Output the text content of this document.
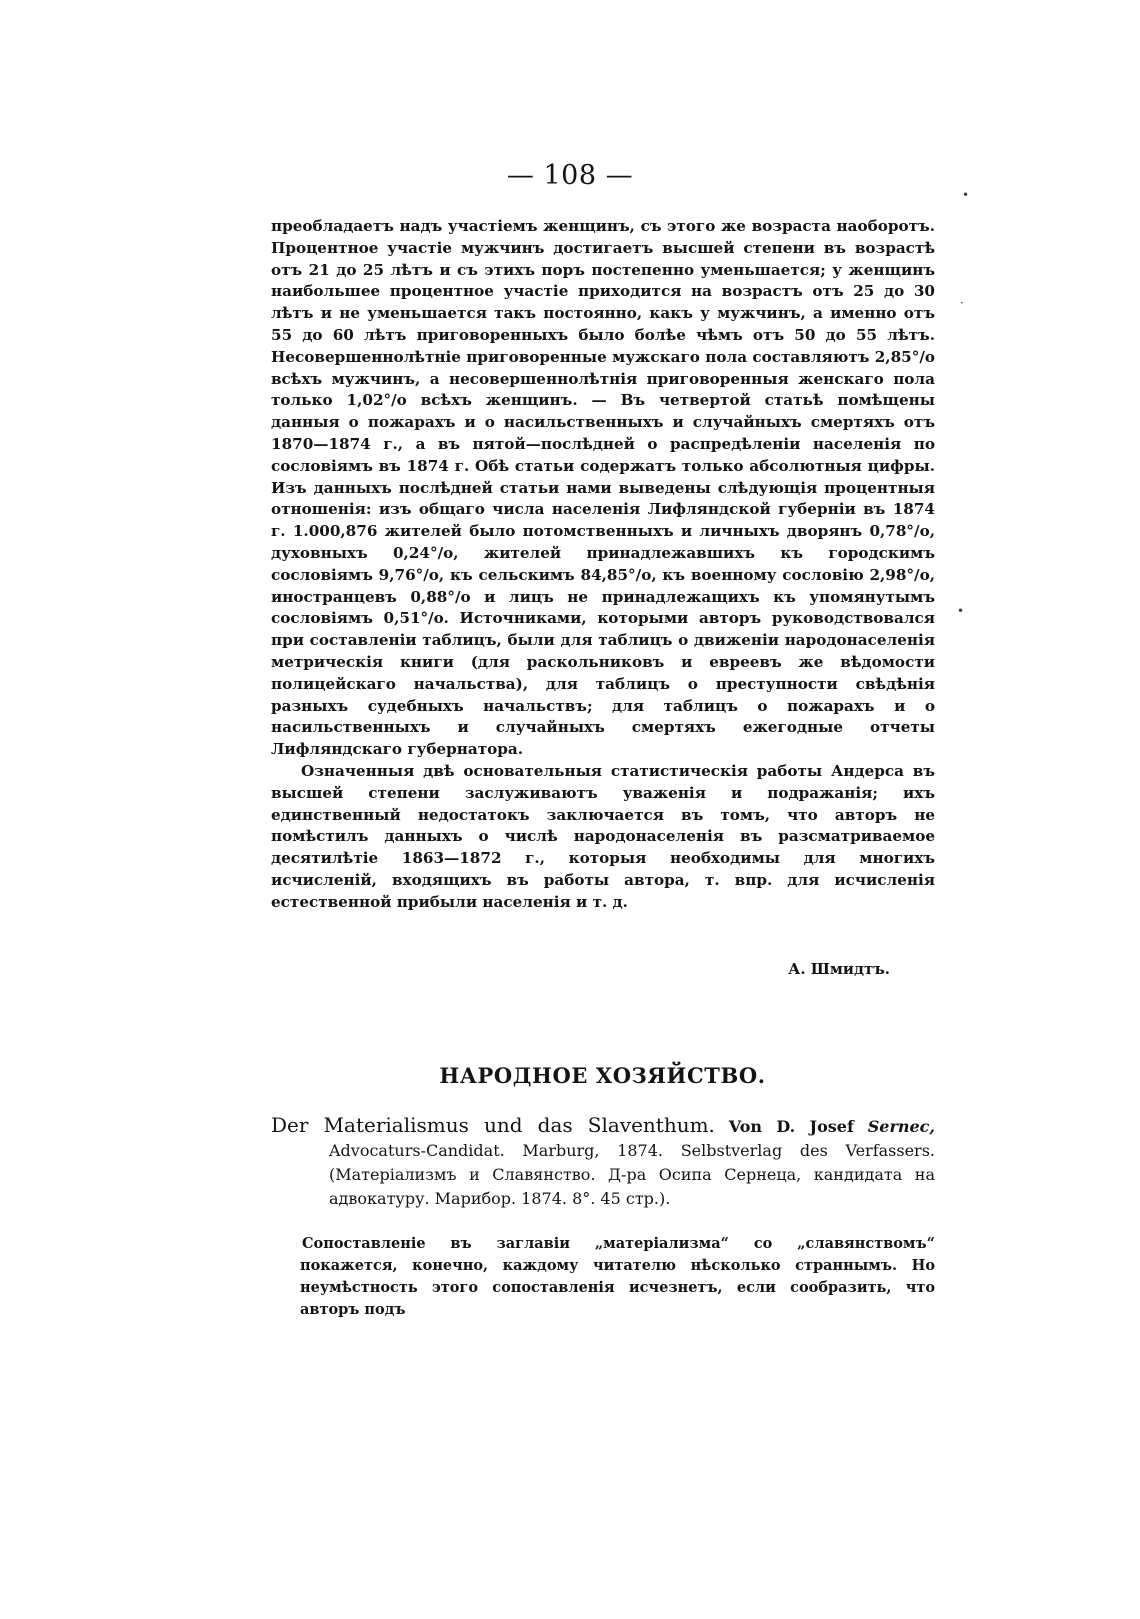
— 108 —

преобладаетъ надъ участіемъ женщинъ, съ этого же возраста наоборотъ. Процентное участіе мужчинъ достигаетъ высшей степени въ возрастѣ отъ 21 до 25 лѣтъ и съ этихъ поръ постепенно уменьшается; у женщинъ наибольшее процентное участіе приходится на возрастъ отъ 25 до 30 лѣтъ и не уменьшается такъ постоянно, какъ у мужчинъ, а именно отъ 55 до 60 лѣтъ приговоренныхъ было болѣе чѣмъ отъ 50 до 55 лѣтъ. Несовершеннолѣтніе приговоренные мужскаго пола составляютъ 2,85°/o всѣхъ мужчинъ, а несовершеннолѣтнія приговоренныя женскаго пола только 1,02°/o всѣхъ женщинъ. — Въ четвертой статьѣ помѣщены данныя о пожарахъ и о насильственныхъ и случайныхъ смертяхъ отъ 1870—1874 г., а въ пятой—послѣдней о распредѣленіи населенія по сословіямъ въ 1874 г. Обѣ статьи содержатъ только абсолютныя цифры. Изъ данныхъ послѣдней статьи нами выведены слѣдующія процентныя отношенія: изъ общаго числа населенія Лифляндской губерніи въ 1874 г. 1.000,876 жителей было потомственныхъ и личныхъ дворянъ 0,78°/o, духовныхъ 0,24°/o, жителей принадлежавшихъ къ городскимъ сословіямъ 9,76°/o, къ сельскимъ 84,85°/o, къ военному сословію 2,98°/o, иностранцевъ 0,88°/o и лицъ не принадлежащихъ къ упомянутымъ сословіямъ 0,51°/o. Источниками, которыми авторъ руководствовался при составленіи таблицъ, были для таблицъ о движеніи народонаселенія метрическія книги (для раскольниковъ и евреевъ же вѣдомости полицейскаго начальства), для таблицъ о преступности свѣдѣнія разныхъ судебныхъ начальствъ; для таблицъ о пожарахъ и о насильственныхъ и случайныхъ смертяхъ ежегодные отчеты Лифляндскаго губернатора.

Означенныя двѣ основательныя статистическія работы Андерса въ высшей степени заслуживаютъ уваженія и подражанія; ихъ единственный недостатокъ заключается въ томъ, что авторъ не помѣстилъ данныхъ о числѣ народонаселенія въ разсматриваемое десятилѣтіе 1863—1872 г., которыя необходимы для многихъ исчисленій, входящихъ въ работы автора, т. впр. для исчисленія естественной прибыли населенія и т. д.

А. Шмидтъ.
НАРОДНОЕ ХОЗЯЙСТВО.
Der Materialismus und das Slaventhum. Von D. Josef Sernec, Advocaturs-Candidat. Marburg, 1874. Selbstverlag des Verfassers. (Матеріализмъ и Славянство. Д-ра Осипа Сернеца, кандидата на адвокатуру. Марибор. 1874. 8°. 45 стр.).

Сопоставленіе въ заглавіи „матеріализма“ со „славянствомъ“ покажется, конечно, каждому читателю нѣсколько страннымъ. Но неумѣстность этого сопоставленія исчезнетъ, если сообразить, что авторъ подъ

•
·
•
